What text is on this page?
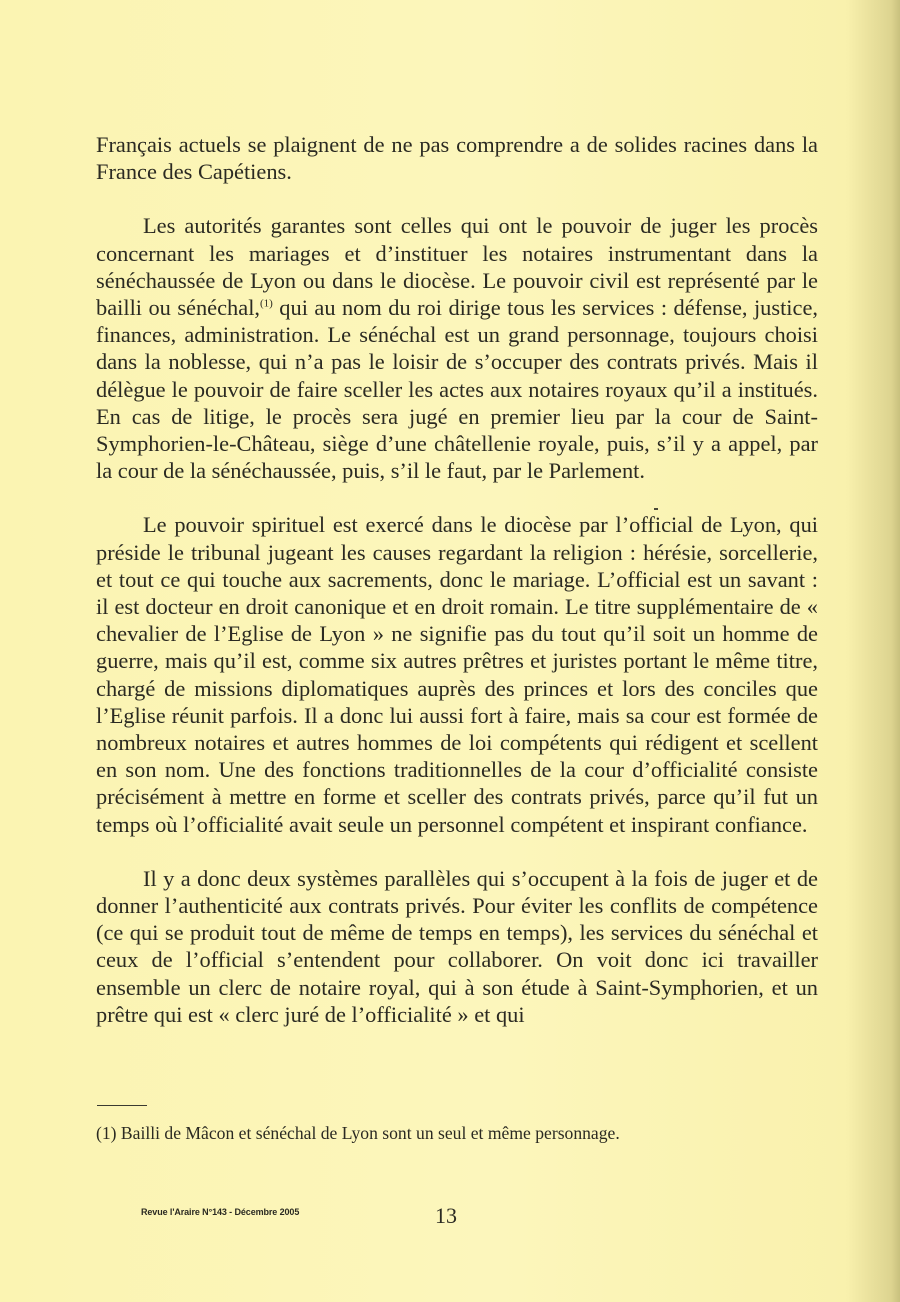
Français actuels se plaignent de ne pas comprendre a de solides racines dans la France des Capétiens.

Les autorités garantes sont celles qui ont le pouvoir de juger les procès concernant les mariages et d’instituer les notaires instrumentant dans la sénéchaussée de Lyon ou dans le diocèse. Le pouvoir civil est représenté par le bailli ou sénéchal,$^{(1)}$ qui au nom du roi dirige tous les services : défense, justice, finances, administration. Le sénéchal est un grand personnage, toujours choisi dans la noblesse, qui n’a pas le loisir de s’occuper des contrats privés. Mais il délègue le pouvoir de faire sceller les actes aux notaires royaux qu’il a institués. En cas de litige, le procès sera jugé en premier lieu par la cour de Saint-Symphorien-le-Château, siège d’une châtellenie royale, puis, s’il y a appel, par la cour de la sénéchaussée, puis, s’il le faut, par le Parlement.

Le pouvoir spirituel est exercé dans le diocèse par l’official de Lyon, qui préside le tribunal jugeant les causes regardant la religion : hérésie, sorcellerie, et tout ce qui touche aux sacrements, donc le mariage. L’official est un savant : il est docteur en droit canonique et en droit romain. Le titre supplémentaire de « chevalier de l’Eglise de Lyon » ne signifie pas du tout qu’il soit un homme de guerre, mais qu’il est, comme six autres prêtres et juristes portant le même titre, chargé de missions diplomatiques auprès des princes et lors des conciles que l’Eglise réunit parfois. Il a donc lui aussi fort à faire, mais sa cour est formée de nombreux notaires et autres hommes de loi compétents qui rédigent et scellent en son nom. Une des fonctions traditionnelles de la cour d’officialité consiste précisément à mettre en forme et sceller des contrats privés, parce qu’il fut un temps où l’officialité avait seule un personnel compétent et inspirant confiance.

Il y a donc deux systèmes parallèles qui s’occupent à la fois de juger et de donner l’authenticité aux contrats privés. Pour éviter les conflits de compétence (ce qui se produit tout de même de temps en temps), les services du sénéchal et ceux de l’official s’entendent pour collaborer. On voit donc ici travailler ensemble un clerc de notaire royal, qui à son étude à Saint-Symphorien, et un prêtre qui est « clerc juré de l’officialité » et qui

(1) Bailli de Mâcon et sénéchal de Lyon sont un seul et même personnage.
Revue l'Araire N°143 - Décembre 2005	13
